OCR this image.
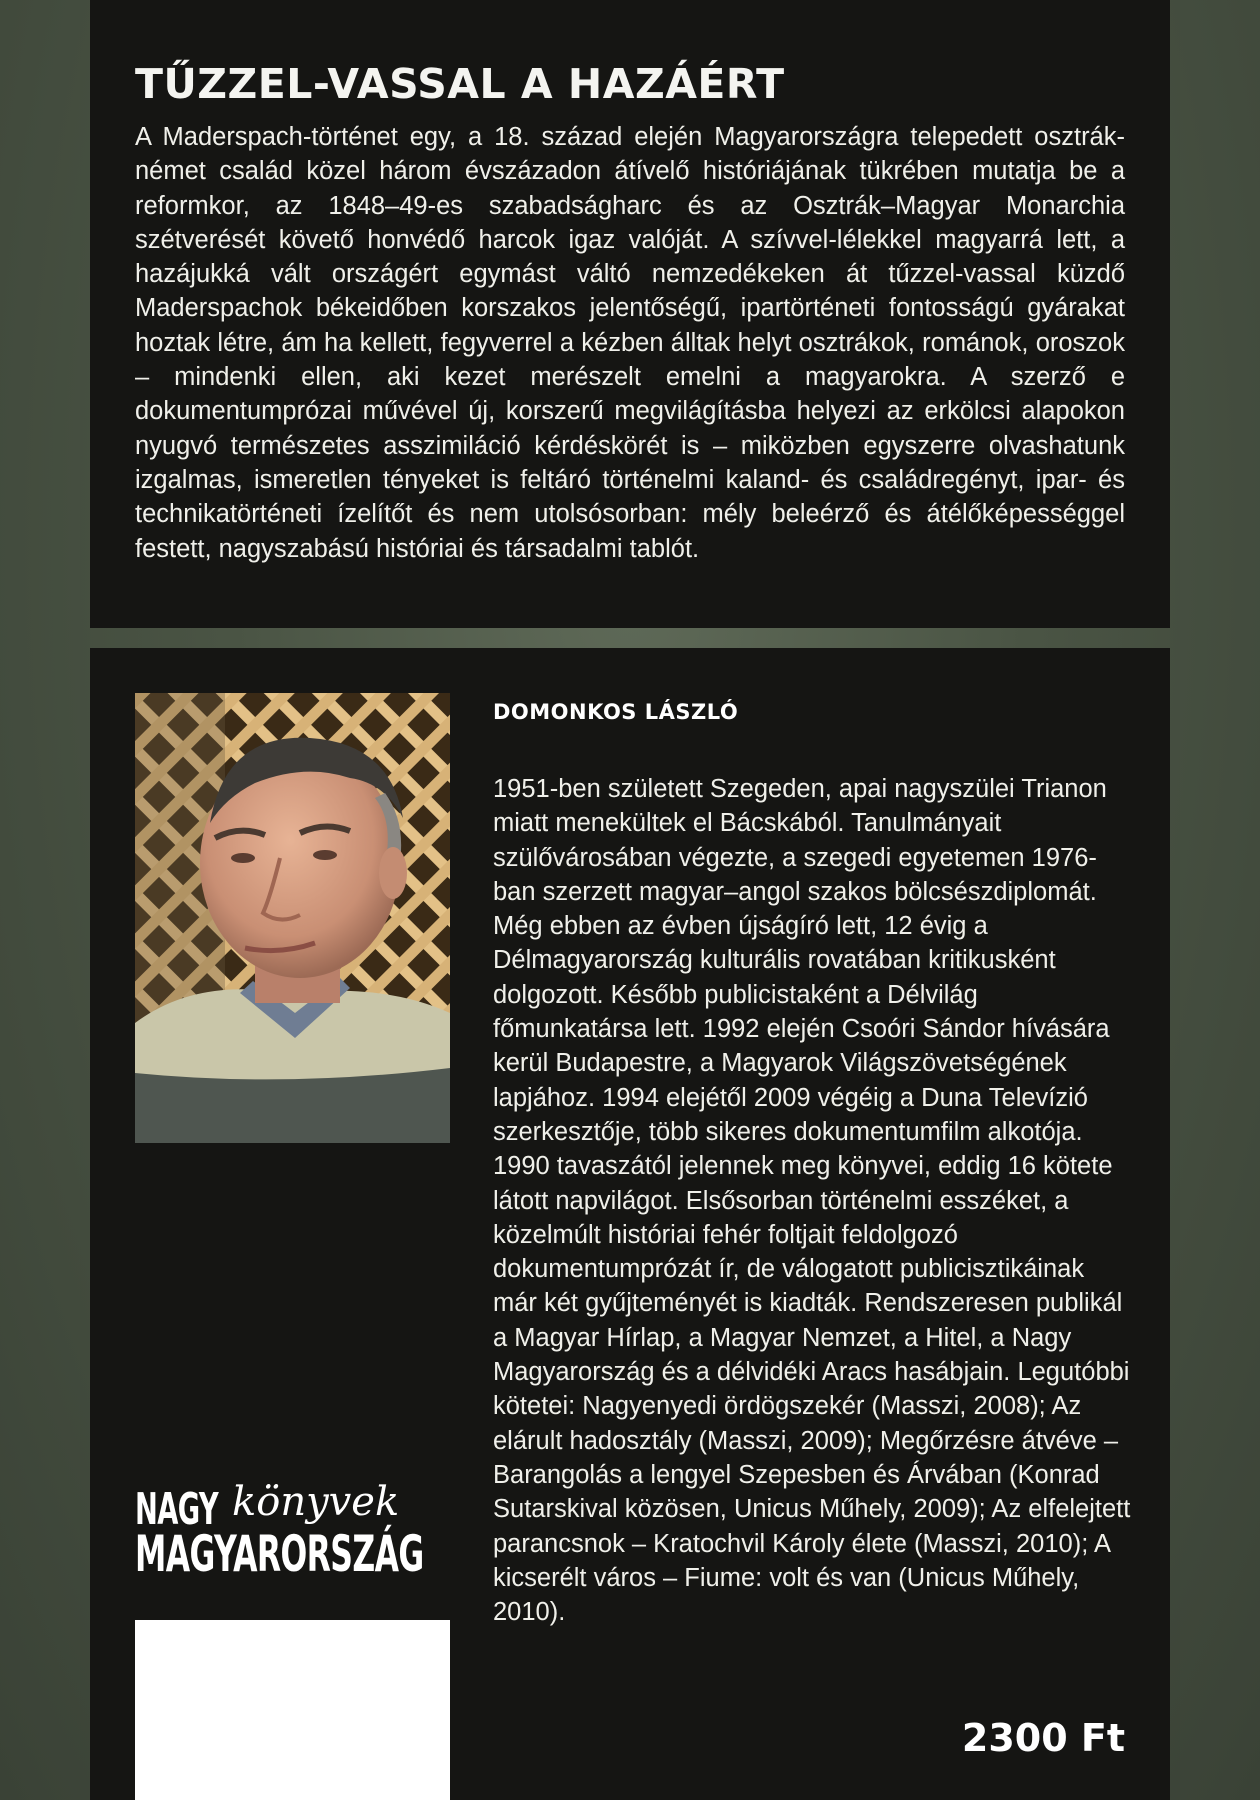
TŰZZEL-VASSAL A HAZÁÉRT

A Maderspach-történet egy, a 18. század elején Magyarországra telepedett osztrák-német család közel három évszázadon átívelő históriájának tükrében mutatja be a reformkor, az 1848–49-es szabadságharc és az Osztrák–Magyar Monarchia szétverését követő honvédő harcok igaz valóját. A szívvel-lélekkel magyarrá lett, a hazájukká vált országért egymást váltó nemzedékeken át tűzzel-vassal küzdő Maderspachok békeidőben korszakos jelentőségű, ipartörténeti fontosságú gyárakat hoztak létre, ám ha kellett, fegyverrel a kézben álltak helyt osztrákok, románok, oroszok – mindenki ellen, aki kezet merészelt emelni a magyarokra. A szerző e dokumentumprózai művével új, korszerű megvilágításba helyezi az erkölcsi alapokon nyugvó természetes asszimiláció kérdéskörét is – miközben egyszerre olvashatunk izgalmas, ismeretlen tényeket is feltáró történelmi kaland- és családregényt, ipar- és technikatörténeti ízelítőt és nem utolsósorban: mély beleérző és átélőképességgel festett, nagyszabású históriai és társadalmi tablót.

NAGY könyvek
MAGYARORSZÁG
DOMONKOS LÁSZLÓ

1951-ben született Szegeden, apai nagyszülei Trianon miatt menekültek el Bácskából. Tanulmányait szülővárosában végezte, a szegedi egyetemen 1976-ban szerzett magyar–angol szakos bölcsészdiplomát. Még ebben az évben újságíró lett, 12 évig a Délmagyarország kulturális rovatában kritikusként dolgozott. Később publicistaként a Délvilág főmunkatársa lett. 1992 elején Csoóri Sándor hívására kerül Budapestre, a Magyarok Világszövetségének lapjához. 1994 elejétől 2009 végéig a Duna Televízió szerkesztője, több sikeres dokumentumfilm alkotója. 1990 tavaszától jelennek meg könyvei, eddig 16 kötete látott napvilágot. Elsősorban történelmi esszéket, a közelmúlt históriai fehér foltjait feldolgozó dokumentumprózát ír, de válogatott publicisztikáinak már két gyűjteményét is kiadták. Rendszeresen publikál a Magyar Hírlap, a Magyar Nemzet, a Hitel, a Nagy Magyarország és a délvidéki Aracs hasábjain. Legutóbbi kötetei: Nagyenyedi ördögszekér (Masszi, 2008); Az elárult hadosztály (Masszi, 2009); Megőrzésre átvéve – Barangolás a lengyel Szepesben és Árvában (Konrad Sutarskival közösen, Unicus Műhely, 2009); Az elfelejtett parancsnok – Kratochvil Károly élete (Masszi, 2010); A kicserélt város – Fiume: volt és van (Unicus Műhely, 2010).

2300 Ft
